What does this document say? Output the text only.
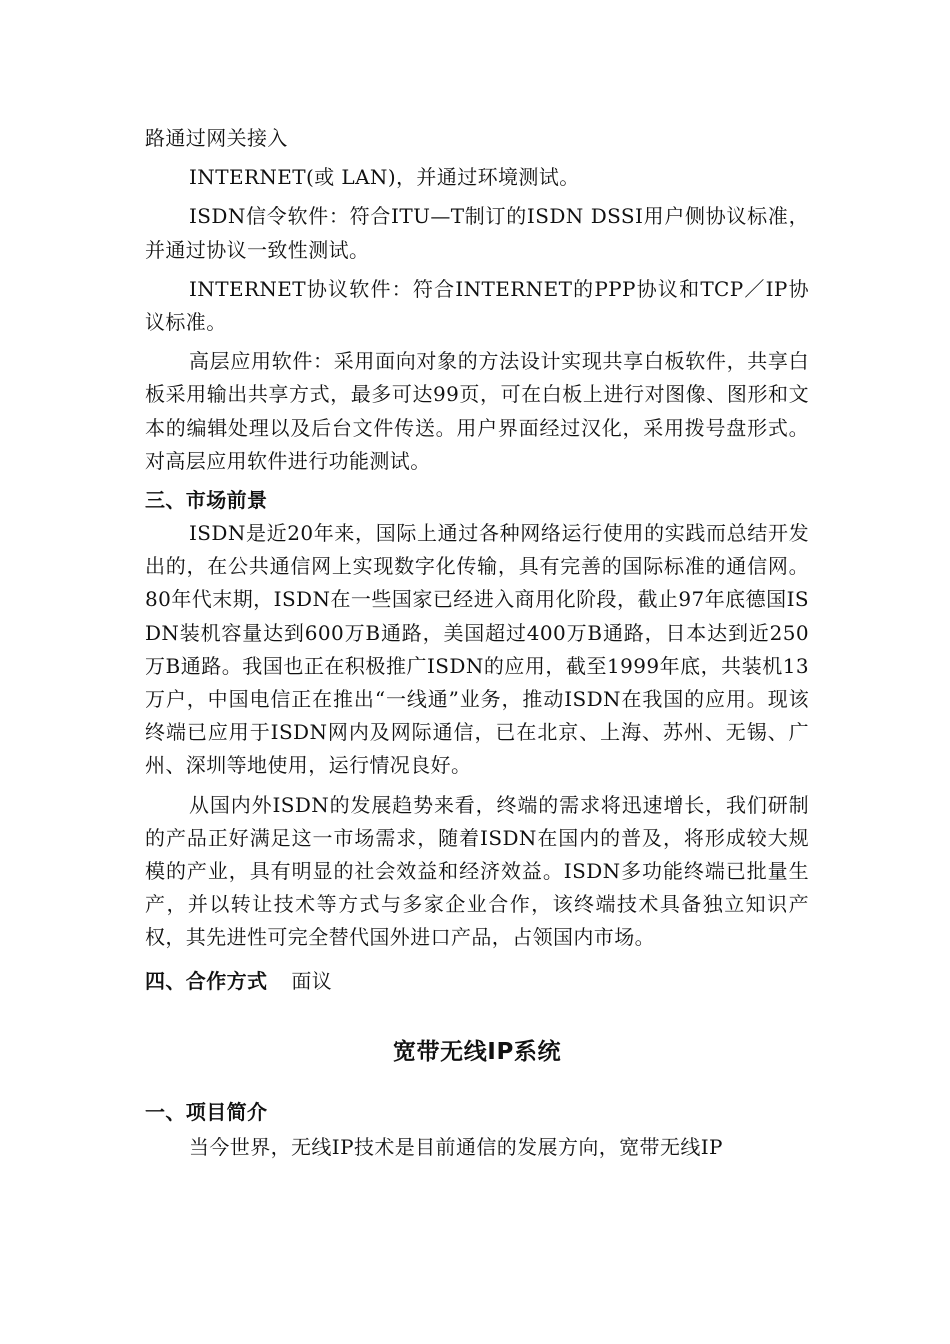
路通过网关接入

INTERNET(或 LAN)，并通过环境测试。

ISDN信令软件：符合ITU—T制订的ISDN DSSI用户侧协议标准，并通过协议一致性测试。

INTERNET协议软件：符合INTERNET的PPP协议和TCP／IP协议标准。

高层应用软件：采用面向对象的方法设计实现共享白板软件，共享白板采用输出共享方式，最多可达99页，可在白板上进行对图像、图形和文本的编辑处理以及后台文件传送。用户界面经过汉化，采用拨号盘形式。对高层应用软件进行功能测试。

三、市场前景

ISDN是近20年来，国际上通过各种网络运行使用的实践而总结开发出的，在公共通信网上实现数字化传输，具有完善的国际标准的通信网。80年代末期，ISDN在一些国家已经进入商用化阶段，截止97年底德国ISDN装机容量达到600万B通路，美国超过400万B通路，日本达到近250万B通路。我国也正在积极推广ISDN的应用，截至1999年底，共装机13万户，中国电信正在推出“一线通”业务，推动ISDN在我国的应用。现该终端已应用于ISDN网内及网际通信，已在北京、上海、苏州、无锡、广州、深圳等地使用，运行情况良好。

从国内外ISDN的发展趋势来看，终端的需求将迅速增长，我们研制的产品正好满足这一市场需求，随着ISDN在国内的普及，将形成较大规模的产业，具有明显的社会效益和经济效益。ISDN多功能终端已批量生产，并以转让技术等方式与多家企业合作，该终端技术具备独立知识产权，其先进性可完全替代国外进口产品，占领国内市场。

四、合作方式 面议
宽带无线IP系统
一、项目简介

当今世界，无线IP技术是目前通信的发展方向，宽带无线IP
